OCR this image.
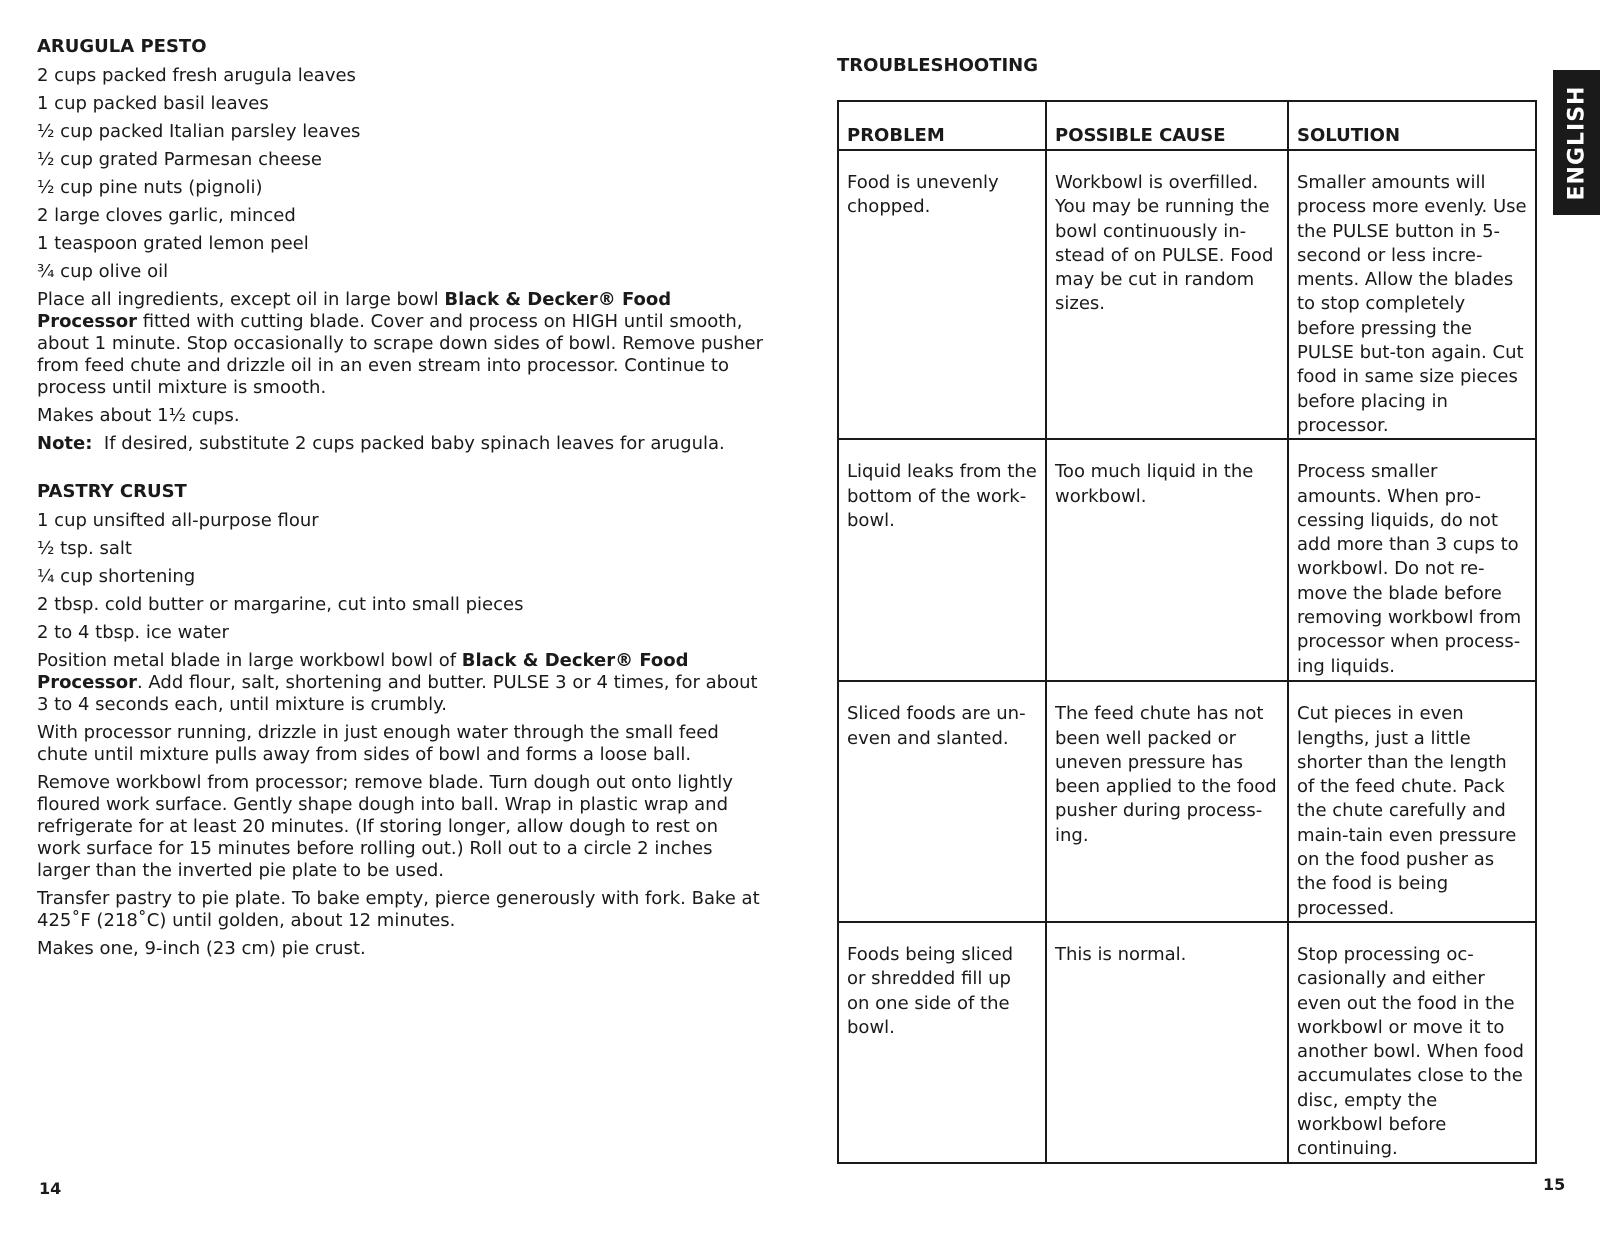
ARUGULA PESTO
2 cups packed fresh arugula leaves
1 cup packed basil leaves
½ cup packed Italian parsley leaves
½ cup grated Parmesan cheese
½ cup pine nuts (pignoli)
2 large cloves garlic, minced
1 teaspoon grated lemon peel
¾ cup olive oil

Place all ingredients, except oil in large bowl Black & Decker® Food Processor fitted with cutting blade. Cover and process on HIGH until smooth, about 1 minute. Stop occasionally to scrape down sides of bowl. Remove pusher from feed chute and drizzle oil in an even stream into processor. Continue to process until mixture is smooth.

Makes about 1½ cups.

Note:  If desired, substitute 2 cups packed baby spinach leaves for arugula.

PASTRY CRUST
1 cup unsifted all-purpose flour
½ tsp. salt
¼ cup shortening
2 tbsp. cold butter or margarine, cut into small pieces
2 to 4 tbsp. ice water

Position metal blade in large workbowl bowl of Black & Decker® Food Processor. Add flour, salt, shortening and butter. PULSE 3 or 4 times, for about 3 to 4 seconds each, until mixture is crumbly.

With processor running, drizzle in just enough water through the small feed chute until mixture pulls away from sides of bowl and forms a loose ball.

Remove workbowl from processor; remove blade. Turn dough out onto lightly floured work surface. Gently shape dough into ball. Wrap in plastic wrap and refrigerate for at least 20 minutes. (If storing longer, allow dough to rest on work surface for 15 minutes before rolling out.) Roll out to a circle 2 inches larger than the inverted pie plate to be used.

Transfer pastry to pie plate. To bake empty, pierce generously with fork. Bake at 425˚F (218˚C) until golden, about 12 minutes.

Makes one, 9-inch (23 cm) pie crust.

TROUBLESHOOTING
PROBLEM	POSSIBLE CAUSE	SOLUTION
Food is unevenly chopped.	Workbowl is overfilled. You may be running the bowl continuously in-stead of on PULSE. Food may be cut in random sizes.	Smaller amounts will process more evenly. Use the PULSE button in 5-second or less incre-ments. Allow the blades to stop completely before pressing the PULSE but-ton again. Cut food in same size pieces before placing in processor.
Liquid leaks from the bottom of the work-bowl.	Too much liquid in the workbowl.	Process smaller amounts. When pro-cessing liquids, do not add more than 3 cups to workbowl. Do not re-move the blade before removing workbowl from processor when process-ing liquids.
Sliced foods are un-even and slanted.	The feed chute has not been well packed or uneven pressure has been applied to the food pusher during process-ing.	Cut pieces in even lengths, just a little shorter than the length of the feed chute. Pack the chute carefully and main-tain even pressure on the food pusher as the food is being processed.
Foods being sliced or shredded fill up on one side of the bowl.	This is normal.	Stop processing oc-casionally and either even out the food in the workbowl or move it to another bowl. When food accumulates close to the disc, empty the workbowl before continuing.
ENGLISH
14	15
